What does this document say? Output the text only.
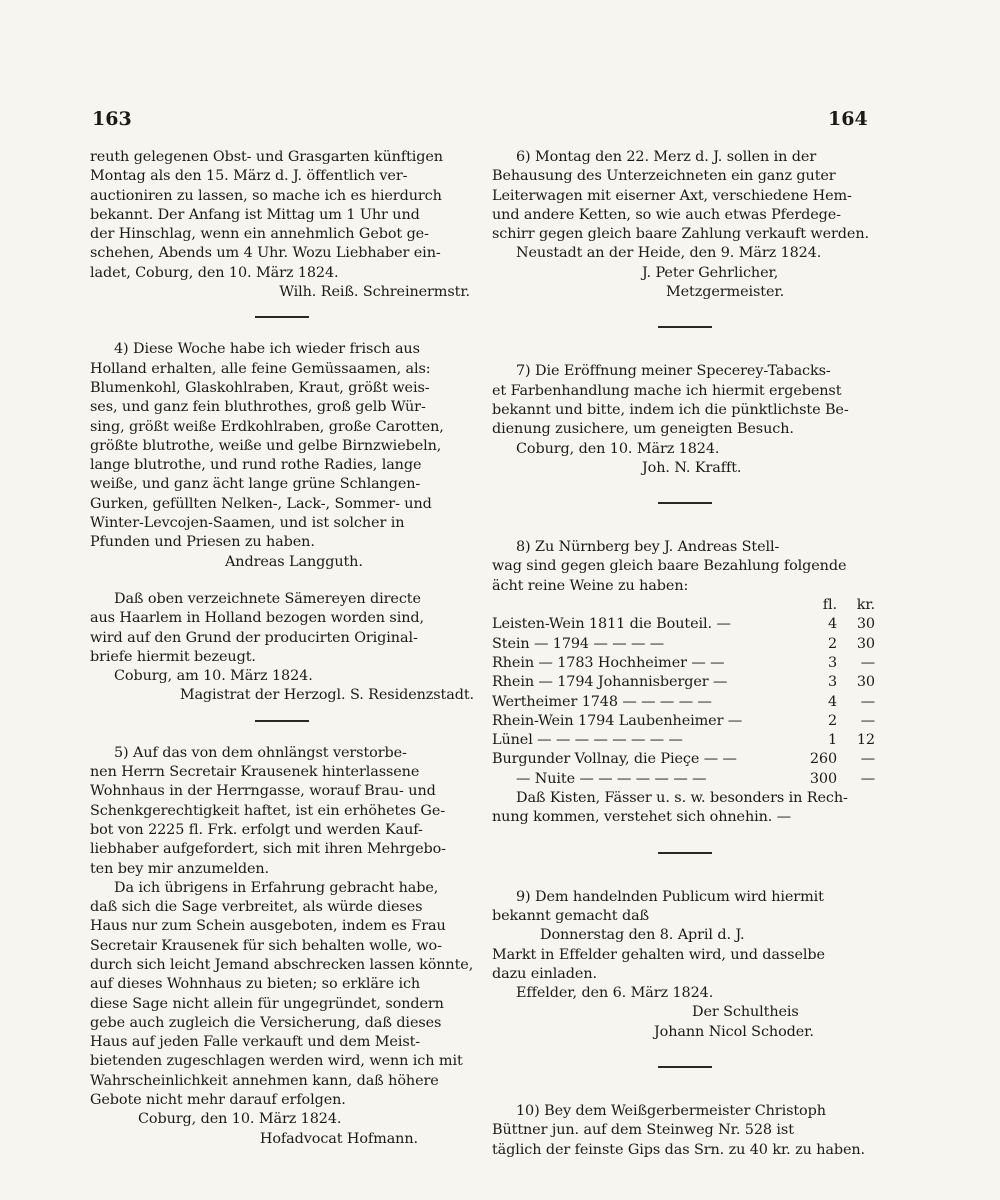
163	164

reuth gelegenen Obst- und Grasgarten künftigen

Montag als den 15. März d. J. öffentlich ver-

auctioniren zu lassen, so mache ich es hierdurch

bekannt. Der Anfang ist Mittag um 1 Uhr und

der Hinschlag, wenn ein annehmlich Gebot ge-

schehen, Abends um 4 Uhr. Wozu Liebhaber ein-

ladet, Coburg, den 10. März 1824.

Wilh. Reiß. Schreinermstr.

4) Diese Woche habe ich wieder frisch aus

Holland erhalten, alle feine Gemüssaamen, als:

Blumenkohl, Glaskohlraben, Kraut, größt weis-

ses, und ganz fein bluthrothes, groß gelb Wür-

sing, größt weiße Erdkohlraben, große Carotten,

größte blutrothe, weiße und gelbe Birnzwiebeln,

lange blutrothe, und rund rothe Radies, lange

weiße, und ganz ächt lange grüne Schlangen-

Gurken, gefüllten Nelken-, Lack-, Sommer- und

Winter-Levcojen-Saamen, und ist solcher in

Pfunden und Priesen zu haben.

Andreas Langguth.

Daß oben verzeichnete Sämereyen directe

aus Haarlem in Holland bezogen worden sind,

wird auf den Grund der producirten Original-

briefe hiermit bezeugt.

Coburg, am 10. März 1824.

Magistrat der Herzogl. S. Residenzstadt.

5) Auf das von dem ohnlängst verstorbe-

nen Herrn Secretair Krausenek hinterlassene

Wohnhaus in der Herrngasse, worauf Brau- und

Schenkgerechtigkeit haftet, ist ein erhöhetes Ge-

bot von 2225 fl. Frk. erfolgt und werden Kauf-

liebhaber aufgefordert, sich mit ihren Mehrgebo-

ten bey mir anzumelden.

Da ich übrigens in Erfahrung gebracht habe,

daß sich die Sage verbreitet, als würde dieses

Haus nur zum Schein ausgeboten, indem es Frau

Secretair Krausenek für sich behalten wolle, wo-

durch sich leicht Jemand abschrecken lassen könnte,

auf dieses Wohnhaus zu bieten; so erkläre ich

diese Sage nicht allein für ungegründet, sondern

gebe auch zugleich die Versicherung, daß dieses

Haus auf jeden Falle verkauft und dem Meist-

bietenden zugeschlagen werden wird, wenn ich mit

Wahrscheinlichkeit annehmen kann, daß höhere

Gebote nicht mehr darauf erfolgen.

Coburg, den 10. März 1824.

Hofadvocat Hofmann.

6) Montag den 22. Merz d. J. sollen in der

Behausung des Unterzeichneten ein ganz guter

Leiterwagen mit eiserner Axt, verschiedene Hem-

und andere Ketten, so wie auch etwas Pferdege-

schirr gegen gleich baare Zahlung verkauft werden.

Neustadt an der Heide, den 9. März 1824.

J. Peter Gehrlicher,

Metzgermeister.

7) Die Eröffnung meiner Specerey-Tabacks-

et Farbenhandlung mache ich hiermit ergebenst

bekannt und bitte, indem ich die pünktlichste Be-

dienung zusichere, um geneigten Besuch.

Coburg, den 10. März 1824.

Joh. N. Krafft.

8) Zu Nürnberg bey J. Andreas Stell-

wag sind gegen gleich baare Bezahlung folgende

ächt reine Weine zu haben:

fl.	kr.
Leisten-Wein 1811 die Bouteil. —	4	30
Stein — 1794 — — — —	2	30
Rhein — 1783 Hochheimer — —	3	—
Rhein — 1794 Johannisberger —	3	30
Wertheimer 1748 — — — — —	4	—
Rhein-Wein 1794 Laubenheimer —	2	—
Lünel — — — — — — — —	1	12
Burgunder Vollnay, die Pieçe — —	260	—
— Nuite — — — — — — —	300	—

Daß Kisten, Fässer u. s. w. besonders in Rech-

nung kommen, verstehet sich ohnehin. —

9) Dem handelnden Publicum wird hiermit

bekannt gemacht daß

Donnerstag den 8. April d. J.

Markt in Effelder gehalten wird, und dasselbe

dazu einladen.

Effelder, den 6. März 1824.

Der Schultheis

Johann Nicol Schoder.

10) Bey dem Weißgerbermeister Christoph

Büttner jun. auf dem Steinweg Nr. 528 ist

täglich der feinste Gips das Srn. zu 40 kr. zu haben.
